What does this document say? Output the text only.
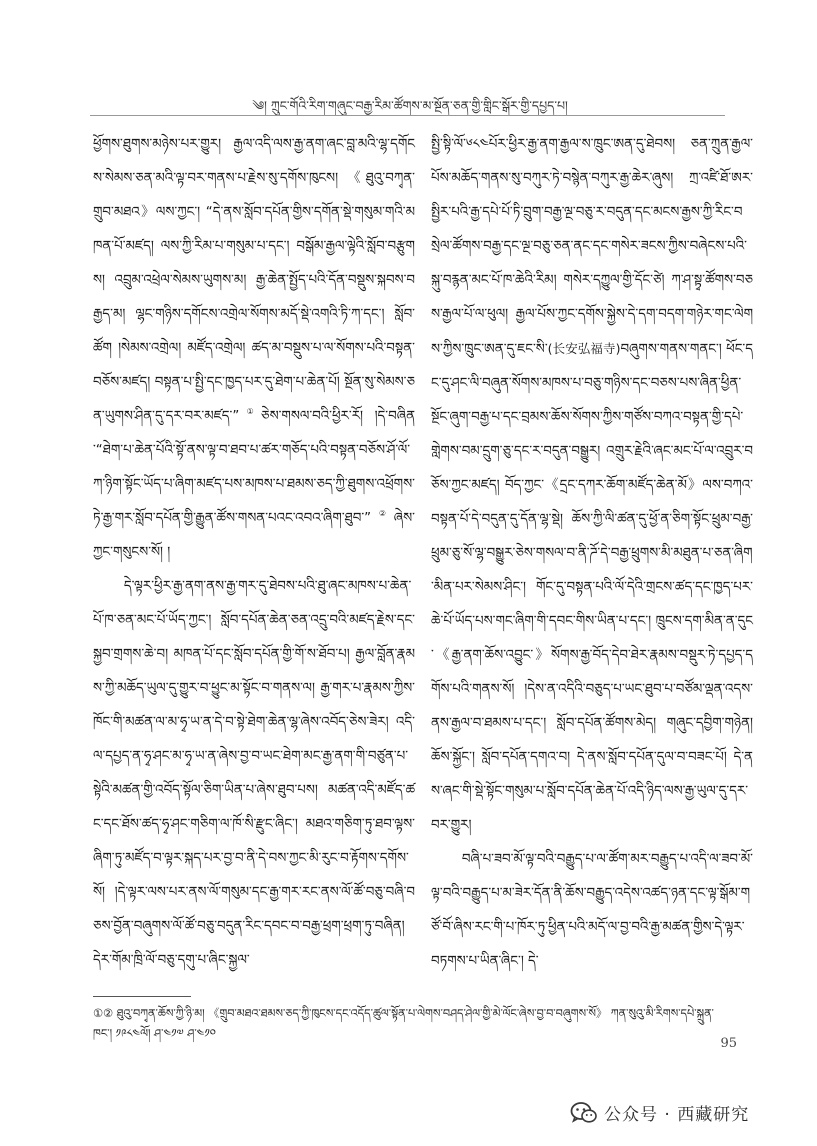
༄། ཀྲུང་གོའི་རིག་གཞུང་བརྒྱ་རིམ་ཚོགས་མ་སྔོན་ཅན་གྱི་གླིང་སྒོར་གྱི་དཔྱད་པ།

ཕྱོགས་ཐུགས་མཉེས་པར་གྱུར། རྒྱལ་འདི་ལས་རྒྱ་ནག་ཞང་བླ་མའི་ལྷ་དགོངས་སེམས་ཅན་མའི་ལྟ་བར་གནས་པ་རྗེས་སུ་དགོས་ཁུངས། 《ཐུའུ་བཀྭན་གྲུབ་མཐའ》ལས་ཀྱང་། “དེ་ནས་སློབ་དཔོན་གྱིས་དགོན་སྡེ་གསུམ་གའི་མཁན་པོ་མཛད། ལས་ཀྱི་རིམ་པ་གསུམ་པ་དང་། བསྒོམ་རྒྱལ་ལྟེའི་སློབ་བརྩུགས། འབྲུམ་འཕྲེལ་སེམས་ཡུགས་མ། རྒྱ་ཆེན་སྤྱོད་པའི་དོན་བསྡུས་སྐབས་བརྒྱད་མ། ལྷང་གཉིས་དགོངས་འགྲེལ་སོགས་མདོ་སྡེ་འགའི་ཏི་ཀ་དང་། སློབ་ཚོག །སེམས་འགྲེལ། མཛོད་འགྲེལ། ཚད་མ་བསྡུས་པ་ལ་སོགས་པའི་བསྟན་བཅོས་མཛད། བསྟན་པ་སྤྱི་དང་ཁྱད་པར་དུ་ཐེག་པ་ཆེན་པོ། སྔོན་སུ་སེམས་ཅན་ཡུགས་ཤིན་དུ་དར་བར་མཛད་”①ཅེས་གསལ་བའི་ཕྱིར་རོ། །དེ་བཞིན་“ཐེག་པ་ཆེན་པོའི་སྟོ་ནས་ལྟ་བ་ཐབ་པ་ཚར་གཅོད་པའི་བསྟན་བཅོས་ཤོ་ལོ་ཀ་ཉིག་སྟོང་ཡོད་པ་ཞིག་མཛད་པས་མཁས་པ་ཐམས་ཅད་ཀྱི་ཐུགས་འཕྲོགས་ཏེ་རྒྱ་གར་སློབ་དཔོན་གྱི་རྒྱུན་ཚོས་གསན་པའང་འབའ་ཞིག་ཐུབ་”②ཞེས་ཀྱང་གསུངས་སོ། །

དེ་ལྟར་ཕྱིར་རྒྱ་ནག་ནས་རྒྱ་གར་དུ་ཐེབས་པའི་ཐུ་ཞང་མཁས་པ་ཆེན་པོ་ཁ་ཅན་མང་པོ་ཡོད་ཀྱང་། སློབ་དཔོན་ཆེན་ཅན་འདྲུ་བའི་མཛད་རྗེས་དང་སྐྱབ་གྲགས་ཆེ་བ། མཁན་པོ་དང་སློབ་དཔོན་གྱི་གོ་ས་ཐོབ་པ། རྒྱལ་བློན་རྣམས་ཀྱི་མཆོད་ཡུལ་དུ་གྱུར་བ་ཕྱུང་མ་སྟོང་བ་གནས་ལ། རྒྱ་གར་པ་རྣམས་ཀྱིས་ཁོང་གི་མཚན་ལ་མ་ཧྭ་ཡ་ན་དེ་བ་སྟེ་ཐེག་ཆེན་ལྷ་ཞེས་འབོད་ཅེས་ཟེར། འདི་ལ་དཔྱད་ན་ཧྭ་ཤང་མ་ཧྭ་ཡ་ན་ཞེས་བྱ་བ་ཡང་ཐེག་མང་རྒྱ་ནག་གི་བཙུན་པ་སྟེའི་མཚན་གྱི་འབོད་སྟོལ་ཅིག་ཡིན་པ་ཞེས་ཐུབ་པས། མཚན་འདི་མཛོད་ཚང་དང་ཐོས་ཚད་ཧྭ་ཤང་གཅིག་ལ་ཁོ་སི་རྫུང་ཞིང་། མཐའ་གཅིག་ཏུ་ཐབ་ལྟས་ཞིག་ཏུ་མཛོད་བ་ལྟར་སྐད་པར་བྱ་བ་ནི་དེ་བས་ཀྱང་མི་རུང་བ་རྟོགས་དགོས་སོ། །དེ་ལྟར་ལས་པར་ནས་ལོ་གསུམ་དང་རྒྱ་གར་རང་ནས་ལོ་ཚོ་བཅུ་བཞི་བཅས་བྱོན་བཞུགས་ལོ་ཚོ་བཅུ་བདུན་རིང་དབང་བ་བརྒྱ་ཕྲག་ཕྲག་ཏུ་བཞིན། དེར་གོམ་ཁྲི་ལོ་བཅུ་དགུ་པ་ཞིང་སྐྱལ་

སྤྱི་སྟི་ལོ་༦༨༤པོར་ཕྱིར་རྒྱ་ནག་རྒྱལ་ས་ཁྲུང་ཨན་དུ་ཐེབས། ཅན་ཀྲུན་རྒྱལ་པོས་མཆོད་གནས་སུ་བཀུར་ཏེ་བསྙེན་བཀུར་རྒྱ་ཆེར་ཞུས། ཀྲ་འཛི་ཐོ་ཨར་སྤྱིར་པའི་རྒྱ་དཔེ་པོ་ཏི་བྲུག་བརྒྱ་ལྔ་བཅུ་ར་བདུན་དང་མངས་རྒྱས་ཀྱི་རིང་བསྲེལ་ཚོགས་བརྒྱ་དང་ལྔ་བཅུ་ཅན་ནང་དང་གསེར་ཟངས་ཀྱིས་བཞེངས་པའི་སྐུ་བརྙན་མང་པོ་ཁ་ཆེའི་རིམ། གསེར་དཀྱུལ་གྱི་དོང་ཙེ། ཀ་ཤ་སྟྭ་ཚོགས་བཅས་རྒྱལ་པོ་ལ་ཕུལ། རྒྱལ་པོས་ཀྱང་དགོས་སྐྱེས་དེ་དག་བདག་གཉེར་གང་ལེགས་ཀྱིས་ཁྲུང་ཨན་དུ་ཇང་སི་(长安弘福寺)བཞུགས་གནས་གནང་། ཕོང་དང་དུ་ཤང་ལི་བཞུན་སོགས་མཁས་པ་བཅུ་གཉིས་དང་བཅས་པས་ཞིན་ཕྱིན་སྔོང་ཞུག་བརྒྱ་པ་དང་བྲམས་ཆོས་སོགས་ཀྱིས་གཙོས་བཀའ་བསྟན་གྱི་དཔེ་གླེགས་བམ་དྲུག་ཅུ་དང་ར་བདུན་བསྒྱུར། འགྲུར་རྗེའི་ཞང་མང་པོ་ལ་འབྲུར་བཅོས་ཀྱང་མཛད། བོད་ཀྱང་《དྲང་དཀར་ཆོག་མཛོད་ཆེན་མོ》ལས་བཀའ་བསྟན་པོ་དེ་བདུན་དུ་དོན་ལྷ་སྡེ། ཆོས་ཀྱི་ལི་ཚན་དུ་ཕྱོ་ན་ཅིག་སྟོང་ཕྲུམ་བརྒྱ་ཕྲུམ་ཅུ་སོ་ལྷ་བསྒྱུར་ཅེས་གསལ་བ་ནི་ཌོ་དེ་བརྒྱ་ཕྲུགས་མི་མཐུན་པ་ཅན་ཞིག་མིན་པར་སེམས་ཤིང་། གོང་དུ་བསྟན་པའི་ལོ་དེའི་གྲངས་ཚད་དང་ཁྱད་པར་ཆེ་པོ་ཡོད་པས་གང་ཞིག་གི་དབང་གིས་ཡིན་པ་དང་། ཁྲུངས་དག་མིན་ན་དུང་《རྒྱ་ནག་ཆོས་འབྱུང་》སོགས་རྒྱ་བོད་དེབ་ཐེར་རྣམས་བསྡུར་ཏེ་དཔྱད་དགོས་པའི་གནས་སོ། །དེས་ན་འདིའི་བཅུད་པ་ཡང་ཐུབ་པ་བཙོམ་ལྡན་འདས་ནས་རྒྱལ་བ་ཐམས་པ་དང་། སློབ་དཔོན་ཚོགས་མེད། གཞུང་དབྱིག་གཉེན། ཆོས་སྐྱོང་། སློབ་དཔོན་དགའ་བ། དེ་ནས་སློབ་དཔོན་དུལ་བ་བཟང་པོ། དེ་ནས་ཞང་གི་སྡེ་སྟོང་གསུམ་པ་སློབ་དཔོན་ཆེན་པོ་འདི་ཉིད་ལས་རྒྱ་ཡུལ་དུ་དར་བར་གྱུར།

བཞི་པ་ཟབ་མོ་ལྟ་བའི་བརྒྱུད་པ་ལ་ཚོག་མར་བརྒྱུད་པ་འདི་ལ་ཟབ་མོ་ལྟ་བའི་བརྒྱུད་པ་མ་ཟེར་དོན་ནི་ཆོས་བརྒྱུད་འདེས་འཚད་ཉན་དང་ལྟ་སྒོམ་གཙོ་བོ་ཞིས་རང་གི་པ་ཁོར་ཏུ་ཕྱིན་པའི་མདོ་ལ་བྱ་བའི་རྒྱ་མཚན་གྱིས་དེ་ལྟར་བཏགས་པ་ཡིན་ཞིང་། དེ་

①② ཐུའུ་བཀྭན་ཆོས་ཀྱི་ཉི་མ། 《གྲུབ་མཐའ་ཐམས་ཅད་ཀྱི་ཁུངས་དང་འདོད་ཚུལ་སྟོན་པ་ལེགས་བཤད་ཤེལ་གྱི་མེ་ལོང་ཞེས་བྱ་བ་བཞུགས་སོ》 ཀན་སུའུ་མི་རིགས་དཔེ་སྐྲུན་ཁང་། ༡༩༨༤ལོ། ཤ་༤༡༧ ཤ་༤༡༠
95
公众号 · 西藏研究
